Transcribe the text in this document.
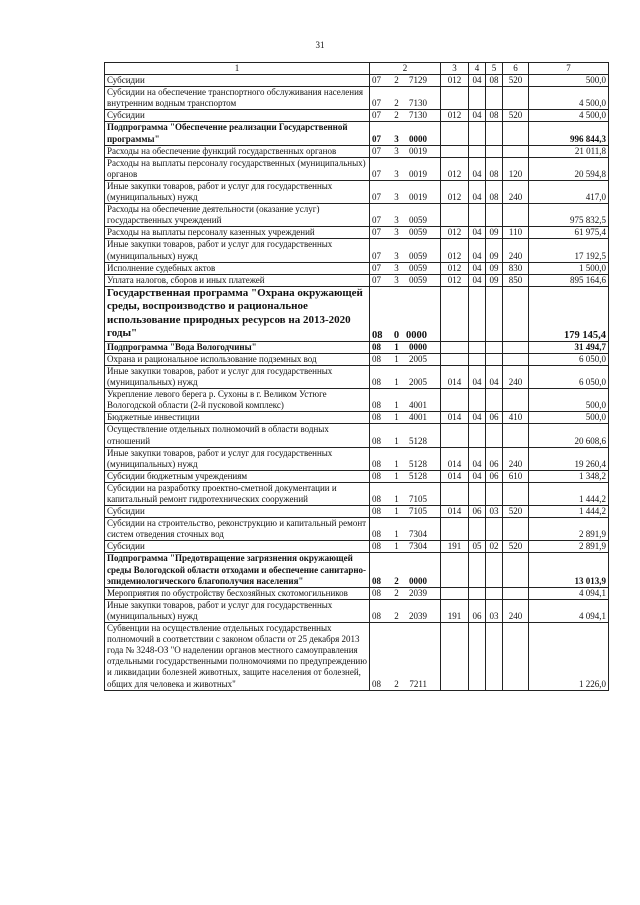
31
1	2	3	4	5	6	7
Субсидии	07 2 7129	012	04	08	520	500,0
Субсидии на обеспечение транспортного обслуживания населения внутренним водным транспортом	07 2 7130					4 500,0
Субсидии	07 2 7130	012	04	08	520	4 500,0
Подпрограмма "Обеспечение реализации Государственной программы"	07 3 0000					996 844,3
Расходы на обеспечение функций государственных органов	07 3 0019					21 011,8
Расходы на выплаты персоналу государственных (муниципальных) органов	07 3 0019	012	04	08	120	20 594,8
Иные закупки товаров, работ и услуг для государственных (муниципальных) нужд	07 3 0019	012	04	08	240	417,0
Расходы на обеспечение деятельности (оказание услуг) государственных учреждений	07 3 0059					975 832,5
Расходы на выплаты персоналу казенных учреждений	07 3 0059	012	04	09	110	61 975,4
Иные закупки товаров, работ и услуг для государственных (муниципальных) нужд	07 3 0059	012	04	09	240	17 192,5
Исполнение судебных актов	07 3 0059	012	04	09	830	1 500,0
Уплата налогов, сборов и иных платежей	07 3 0059	012	04	09	850	895 164,6
Государственная программа "Охрана окружающей среды, воспроизводство и рациональное использование природных ресурсов на 2013-2020 годы"	08 0 0000					179 145,4
Подпрограмма "Вода Вологодчины"	08 1 0000					31 494,7
Охрана и рациональное использование подземных вод	08 1 2005					6 050,0
Иные закупки товаров, работ и услуг для государственных (муниципальных) нужд	08 1 2005	014	04	04	240	6 050,0
Укрепление левого берега р. Сухоны в г. Великом Устюге Вологодской области (2-й пусковой комплекс)	08 1 4001					500,0
Бюджетные инвестиции	08 1 4001	014	04	06	410	500,0
Осуществление отдельных полномочий в области водных отношений	08 1 5128					20 608,6
Иные закупки товаров, работ и услуг для государственных (муниципальных) нужд	08 1 5128	014	04	06	240	19 260,4
Субсидии бюджетным учреждениям	08 1 5128	014	04	06	610	1 348,2
Субсидии на разработку проектно-сметной документации и капитальный ремонт гидротехнических сооружений	08 1 7105					1 444,2
Субсидии	08 1 7105	014	06	03	520	1 444,2
Субсидии на строительство, реконструкцию и капитальный ремонт систем отведения сточных вод	08 1 7304					2 891,9
Субсидии	08 1 7304	191	05	02	520	2 891,9
Подпрограмма "Предотвращение загрязнения окружающей среды Вологодской области отходами и обеспечение санитарно-эпидемиологического благополучия населения"	08 2 0000					13 013,9
Мероприятия по обустройству бесхозяйных скотомогильников	08 2 2039					4 094,1
Иные закупки товаров, работ и услуг для государственных (муниципальных) нужд	08 2 2039	191	06	03	240	4 094,1
Субвенции на осуществление отдельных государственных полномочий в соответствии с законом области от 25 декабря 2013 года № 3248-ОЗ "О наделении органов местного самоуправления отдельными государственными полномочиями по предупреждению и ликвидации болезней животных, защите населения от болезней, общих для человека и животных"	08 2 7211					1 226,0
